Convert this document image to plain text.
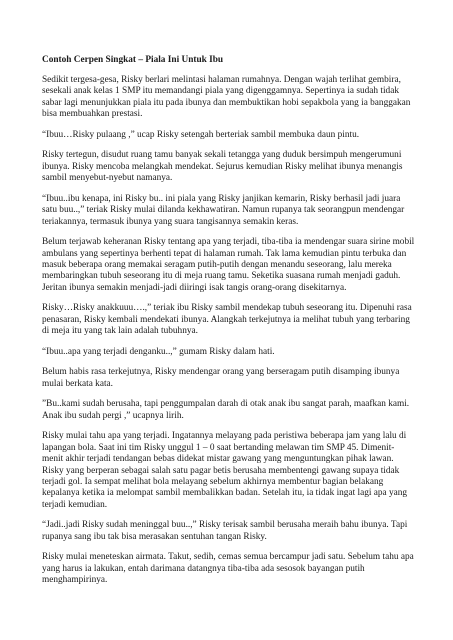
Contoh Cerpen Singkat – Piala Ini Untuk Ibu

Sedikit tergesa-gesa, Risky berlari melintasi halaman rumahnya. Dengan wajah terlihat gembira, sesekali anak kelas 1 SMP itu memandangi piala yang digenggamnya. Sepertinya ia sudah tidak sabar lagi menunjukkan piala itu pada ibunya dan membuktikan hobi sepakbola yang ia banggakan bisa membuahkan prestasi.

“Ibuu…Risky pulaang ,” ucap Risky setengah berteriak sambil membuka daun pintu.

Risky tertegun, disudut ruang tamu banyak sekali tetangga yang duduk bersimpuh mengerumuni ibunya. Risky mencoba melangkah mendekat. Sejurus kemudian Risky melihat ibunya menangis sambil menyebut-nyebut namanya.

“Ibuu..ibu kenapa, ini Risky bu.. ini piala yang Risky janjikan kemarin, Risky berhasil jadi juara satu buu..,” teriak Risky mulai dilanda kekhawatiran. Namun rupanya tak seorangpun mendengar teriakannya, termasuk ibunya yang suara tangisannya semakin keras.

Belum terjawab keheranan Risky tentang apa yang terjadi, tiba-tiba ia mendengar suara sirine mobil ambulans yang sepertinya berhenti tepat di halaman rumah. Tak lama kemudian pintu terbuka dan masuk beberapa orang memakai seragam putih-putih dengan menandu seseorang, lalu mereka membaringkan tubuh seseorang itu di meja ruang tamu. Seketika suasana rumah menjadi gaduh. Jeritan ibunya semakin menjadi-jadi diiringi isak tangis orang-orang disekitarnya.

Risky…Risky anakkuuu….,” teriak ibu Risky sambil mendekap tubuh seseorang itu. Dipenuhi rasa penasaran, Risky kembali mendekati ibunya. Alangkah terkejutnya ia melihat tubuh yang terbaring di meja itu yang tak lain adalah tubuhnya.

“Ibuu..apa yang terjadi denganku..,” gumam Risky dalam hati.

Belum habis rasa terkejutnya, Risky mendengar orang yang berseragam putih disamping ibunya mulai berkata kata.

”Bu..kami sudah berusaha, tapi penggumpalan darah di otak anak ibu sangat parah, maafkan kami. Anak ibu sudah pergi ,” ucapnya lirih.

Risky mulai tahu apa yang terjadi. Ingatannya melayang pada peristiwa beberapa jam yang lalu di lapangan bola. Saat ini tim Risky unggul 1 – 0 saat bertanding melawan tim SMP 45. Dimenit-menit akhir terjadi tendangan bebas didekat mistar gawang yang menguntungkan pihak lawan. Risky yang berperan sebagai salah satu pagar betis berusaha membentengi gawang supaya tidak terjadi gol. Ia sempat melihat bola melayang sebelum akhirnya membentur bagian belakang kepalanya ketika ia melompat sambil membalikkan badan. Setelah itu, ia tidak ingat lagi apa yang terjadi kemudian.

“Jadi..jadi Risky sudah meninggal buu..,” Risky terisak sambil berusaha meraih bahu ibunya. Tapi rupanya sang ibu tak bisa merasakan sentuhan tangan Risky.

Risky mulai meneteskan airmata. Takut, sedih, cemas semua bercampur jadi satu. Sebelum tahu apa yang harus ia lakukan, entah darimana datangnya tiba-tiba ada sesosok bayangan putih menghampirinya.
